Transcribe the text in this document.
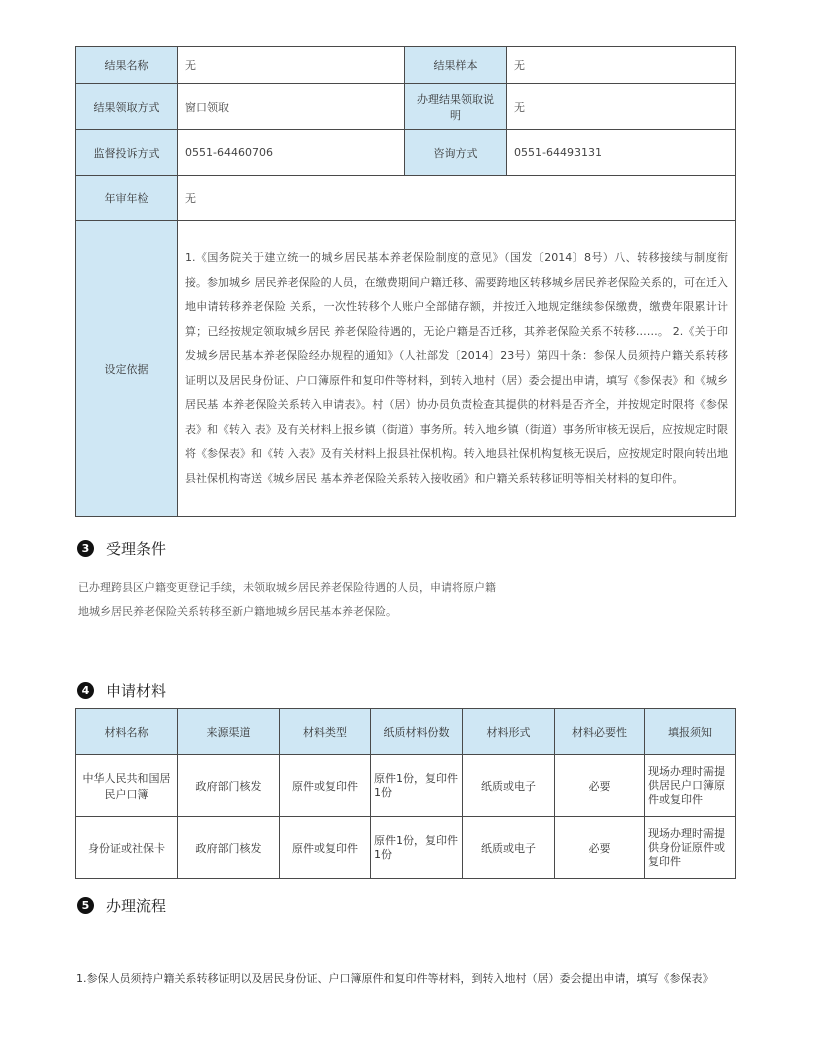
结果名称	无	结果样本	无
结果领取方式	窗口领取	办理结果领取说明	无
监督投诉方式	0551-64460706	咨询方式	0551-64493131
年审年检	无		
设定依据	1.《国务院关于建立统一的城乡居民基本养老保险制度的意见》（国发〔2014〕8号）八、转移接续与制度衔接。参加城乡 居民养老保险的人员，在缴费期间户籍迁移、需要跨地区转移城乡居民养老保险关系的，可在迁入地申请转移养老保险 关系，一次性转移个人账户全部储存额，并按迁入地规定继续参保缴费，缴费年限累计计算；已经按规定领取城乡居民 养老保险待遇的，无论户籍是否迁移，其养老保险关系不转移……。 2.《关于印发城乡居民基本养老保险经办规程的通知》（人社部发〔2014〕23号）第四十条：参保人员须持户籍关系转移 证明以及居民身份证、户口簿原件和复印件等材料，到转入地村（居）委会提出申请，填写《参保表》和《城乡居民基 本养老保险关系转入申请表》。村（居）协办员负责检查其提供的材料是否齐全，并按规定时限将《参保表》和《转入 表》及有关材料上报乡镇（街道）事务所。转入地乡镇（街道）事务所审核无误后，应按规定时限将《参保表》和《转 入表》及有关材料上报县社保机构。转入地县社保机构复核无误后，应按规定时限向转出地县社保机构寄送《城乡居民 基本养老保险关系转入接收函》和户籍关系转移证明等相关材料的复印件。		
3	受理条件

已办理跨县区户籍变更登记手续，未领取城乡居民养老保险待遇的人员，申请将原户籍地城乡居民养老保险关系转移至新户籍地城乡居民基本养老保险。

4	申请材料
材料名称	来源渠道	材料类型	纸质材料份数	材料形式	材料必要性	填报须知
中华人民共和国居民户口簿	政府部门核发	原件或复印件	原件1份，复印件1份	纸质或电子	必要	现场办理时需提供居民户口簿原件或复印件
身份证或社保卡	政府部门核发	原件或复印件	原件1份，复印件1份	纸质或电子	必要	现场办理时需提供身份证原件或复印件
5	办理流程
1.参保人员须持户籍关系转移证明以及居民身份证、户口簿原件和复印件等材料，到转入地村（居）委会提出申请，填写《参保表》
